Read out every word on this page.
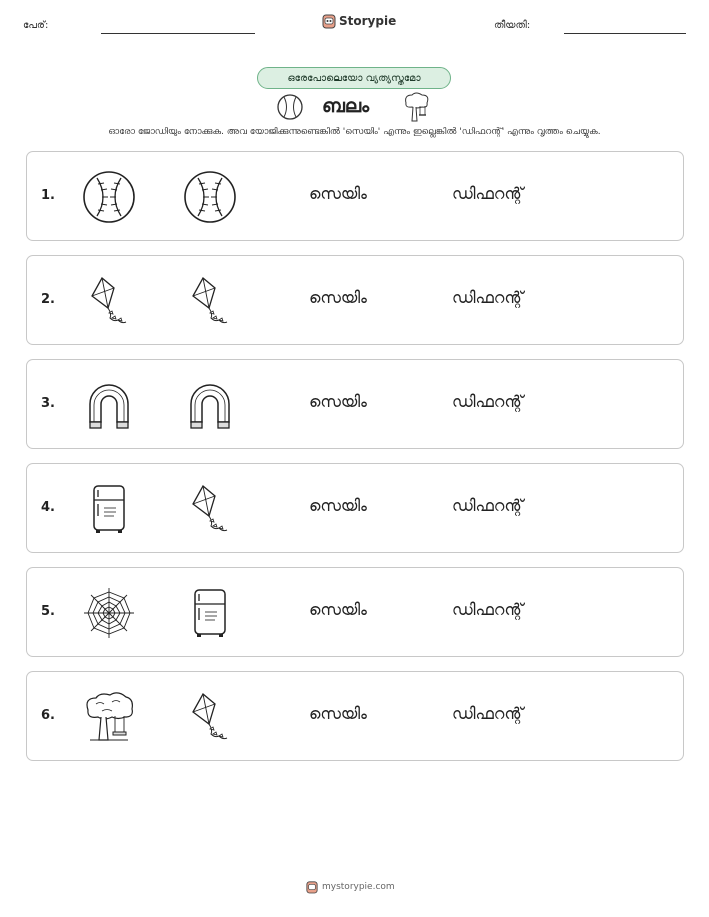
പേര്:	Storypie	തീയതി:
ഒരേപോലെയോ വ്യത്യസ്തമോ
ബലം
ഓരോ ജോഡിയും നോക്കുക. അവ യോജിക്കുന്നുണ്ടെങ്കിൽ 'സെയിം' എന്നും ഇല്ലെങ്കിൽ 'ഡിഫറന്റ്' എന്നും വൃത്തം ചെയ്യുക.
1.	സെയിം	ഡിഫറന്റ്
2.	സെയിം	ഡിഫറന്റ്
3.	സെയിം	ഡിഫറന്റ്
4.	സെയിം	ഡിഫറന്റ്
5.	സെയിം	ഡിഫറന്റ്
6.	സെയിം	ഡിഫറന്റ്
mystorypie.com
